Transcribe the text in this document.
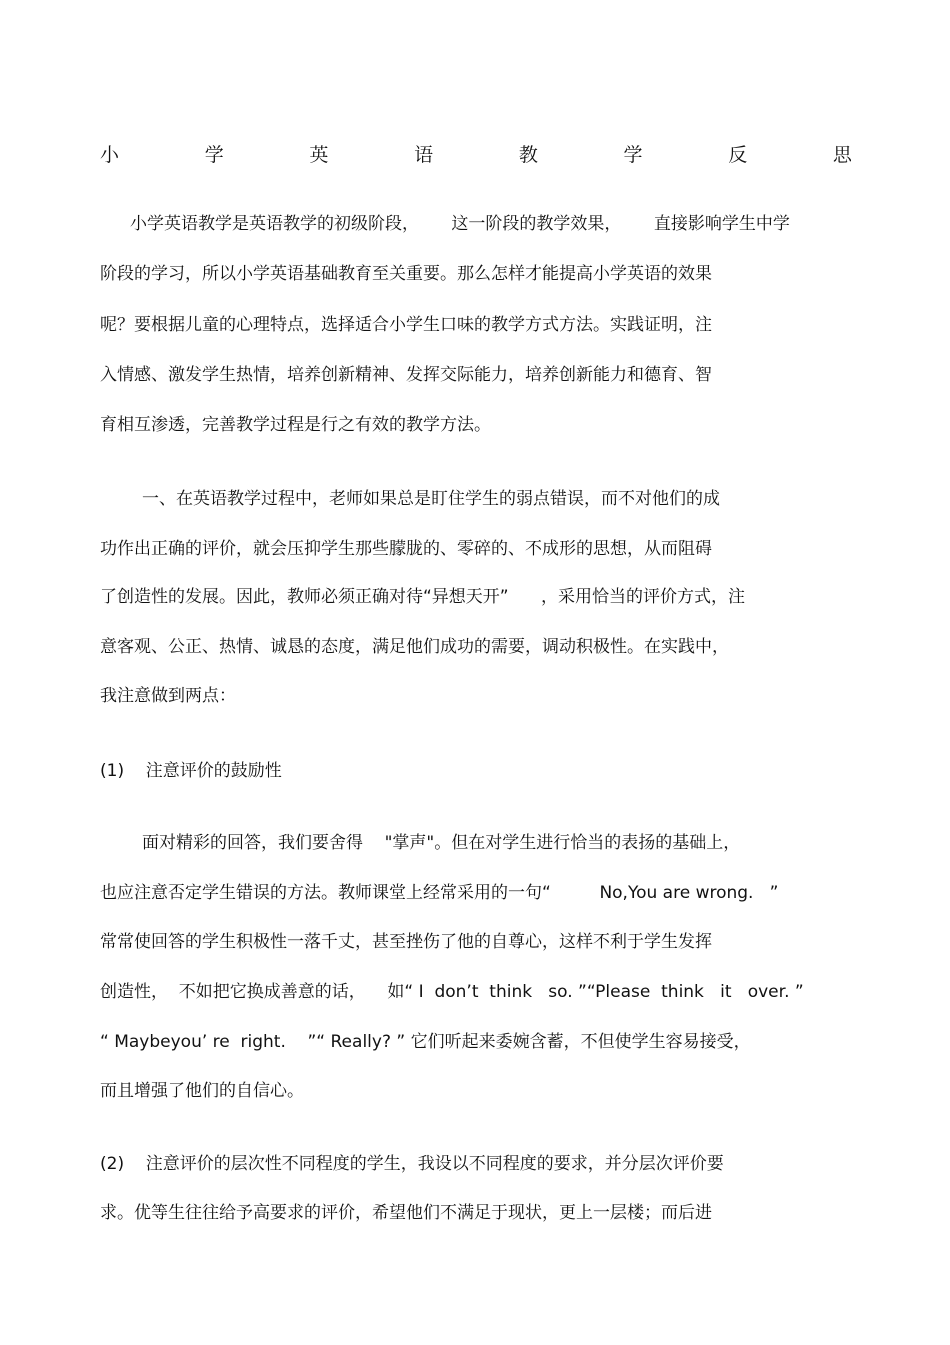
小	学	英	语	教	学	反	思
小学英语教学是英语教学的初级阶段，      这一阶段的教学效果，      直接影响学生中学
阶段的学习，所以小学英语基础教育至关重要。那么怎样才能提高小学英语的效果
呢？要根据儿童的心理特点，选择适合小学生口味的教学方式方法。实践证明，注
入情感、激发学生热情，培养创新精神、发挥交际能力，培养创新能力和德育、智
育相互渗透，完善教学过程是行之有效的教学方法。
一、在英语教学过程中，老师如果总是盯住学生的弱点错误，而不对他们的成
功作出正确的评价，就会压抑学生那些朦胧的、零碎的、不成形的思想，从而阻碍
了创造性的发展。因此，教师必须正确对待“异想天开”      ，采用恰当的评价方式，注
意客观、公正、热情、诚恳的态度，满足他们成功的需要，调动积极性。在实践中，
我注意做到两点：
(1)    注意评价的鼓励性
面对精彩的回答，我们要舍得    "掌声"。但在对学生进行恰当的表扬的基础上，
也应注意否定学生错误的方法。教师课堂上经常采用的一句“         No,You are wrong.   ”
常常使回答的学生积极性一落千丈，甚至挫伤了他的自尊心，这样不利于学生发挥
创造性，  不如把它换成善意的话，    如“ I  don’t  think   so. ”“Please  think   it   over. ”
“ Maybeyou’ re  right.    ”“ Really? ” 它们听起来委婉含蓄，不但使学生容易接受，
而且增强了他们的自信心。
(2)    注意评价的层次性不同程度的学生，我设以不同程度的要求，并分层次评价要
求。优等生往往给予高要求的评价，希望他们不满足于现状，更上一层楼；而后进
